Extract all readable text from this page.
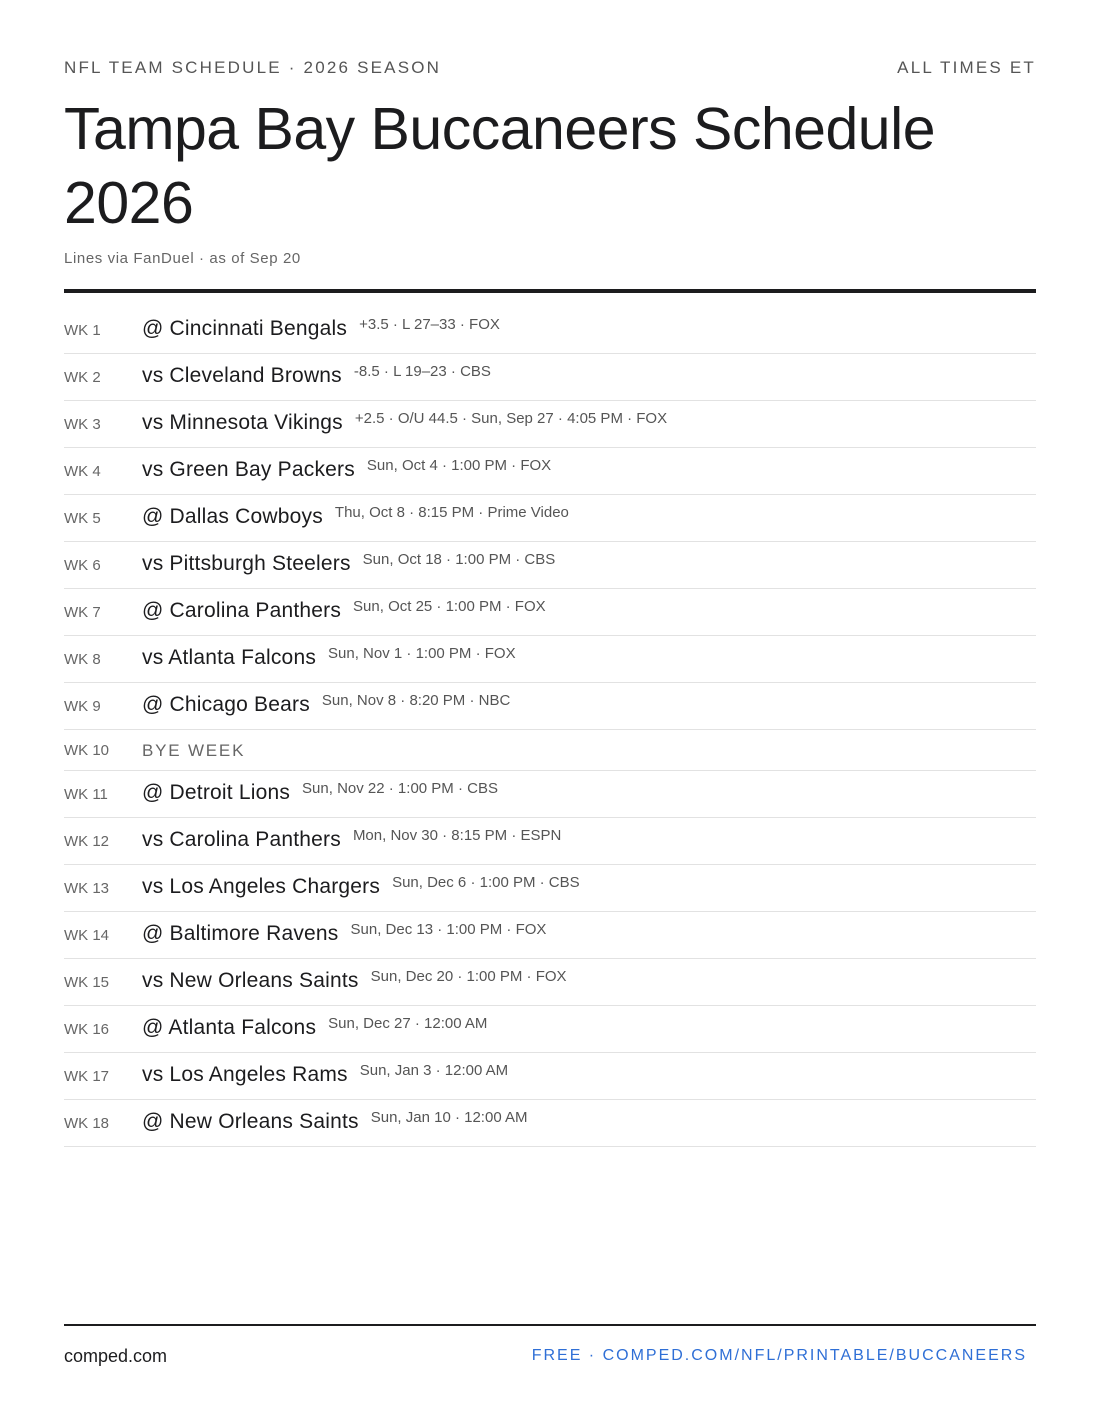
NFL TEAM SCHEDULE · 2026 SEASON	ALL TIMES ET
Tampa Bay Buccaneers Schedule 2026
Lines via FanDuel · as of Sep 20
WK 1 @ Cincinnati Bengals +3.5 · L 27–33 · FOX
WK 2 vs Cleveland Browns -8.5 · L 19–23 · CBS
WK 3 vs Minnesota Vikings +2.5 · O/U 44.5 · Sun, Sep 27 · 4:05 PM · FOX
WK 4 vs Green Bay Packers Sun, Oct 4 · 1:00 PM · FOX
WK 5 @ Dallas Cowboys Thu, Oct 8 · 8:15 PM · Prime Video
WK 6 vs Pittsburgh Steelers Sun, Oct 18 · 1:00 PM · CBS
WK 7 @ Carolina Panthers Sun, Oct 25 · 1:00 PM · FOX
WK 8 vs Atlanta Falcons Sun, Nov 1 · 1:00 PM · FOX
WK 9 @ Chicago Bears Sun, Nov 8 · 8:20 PM · NBC
WK 10 BYE WEEK
WK 11 @ Detroit Lions Sun, Nov 22 · 1:00 PM · CBS
WK 12 vs Carolina Panthers Mon, Nov 30 · 8:15 PM · ESPN
WK 13 vs Los Angeles Chargers Sun, Dec 6 · 1:00 PM · CBS
WK 14 @ Baltimore Ravens Sun, Dec 13 · 1:00 PM · FOX
WK 15 vs New Orleans Saints Sun, Dec 20 · 1:00 PM · FOX
WK 16 @ Atlanta Falcons Sun, Dec 27 · 12:00 AM
WK 17 vs Los Angeles Rams Sun, Jan 3 · 12:00 AM
WK 18 @ New Orleans Saints Sun, Jan 10 · 12:00 AM
comped.com	FREE · COMPED.COM/NFL/PRINTABLE/BUCCANEERS
